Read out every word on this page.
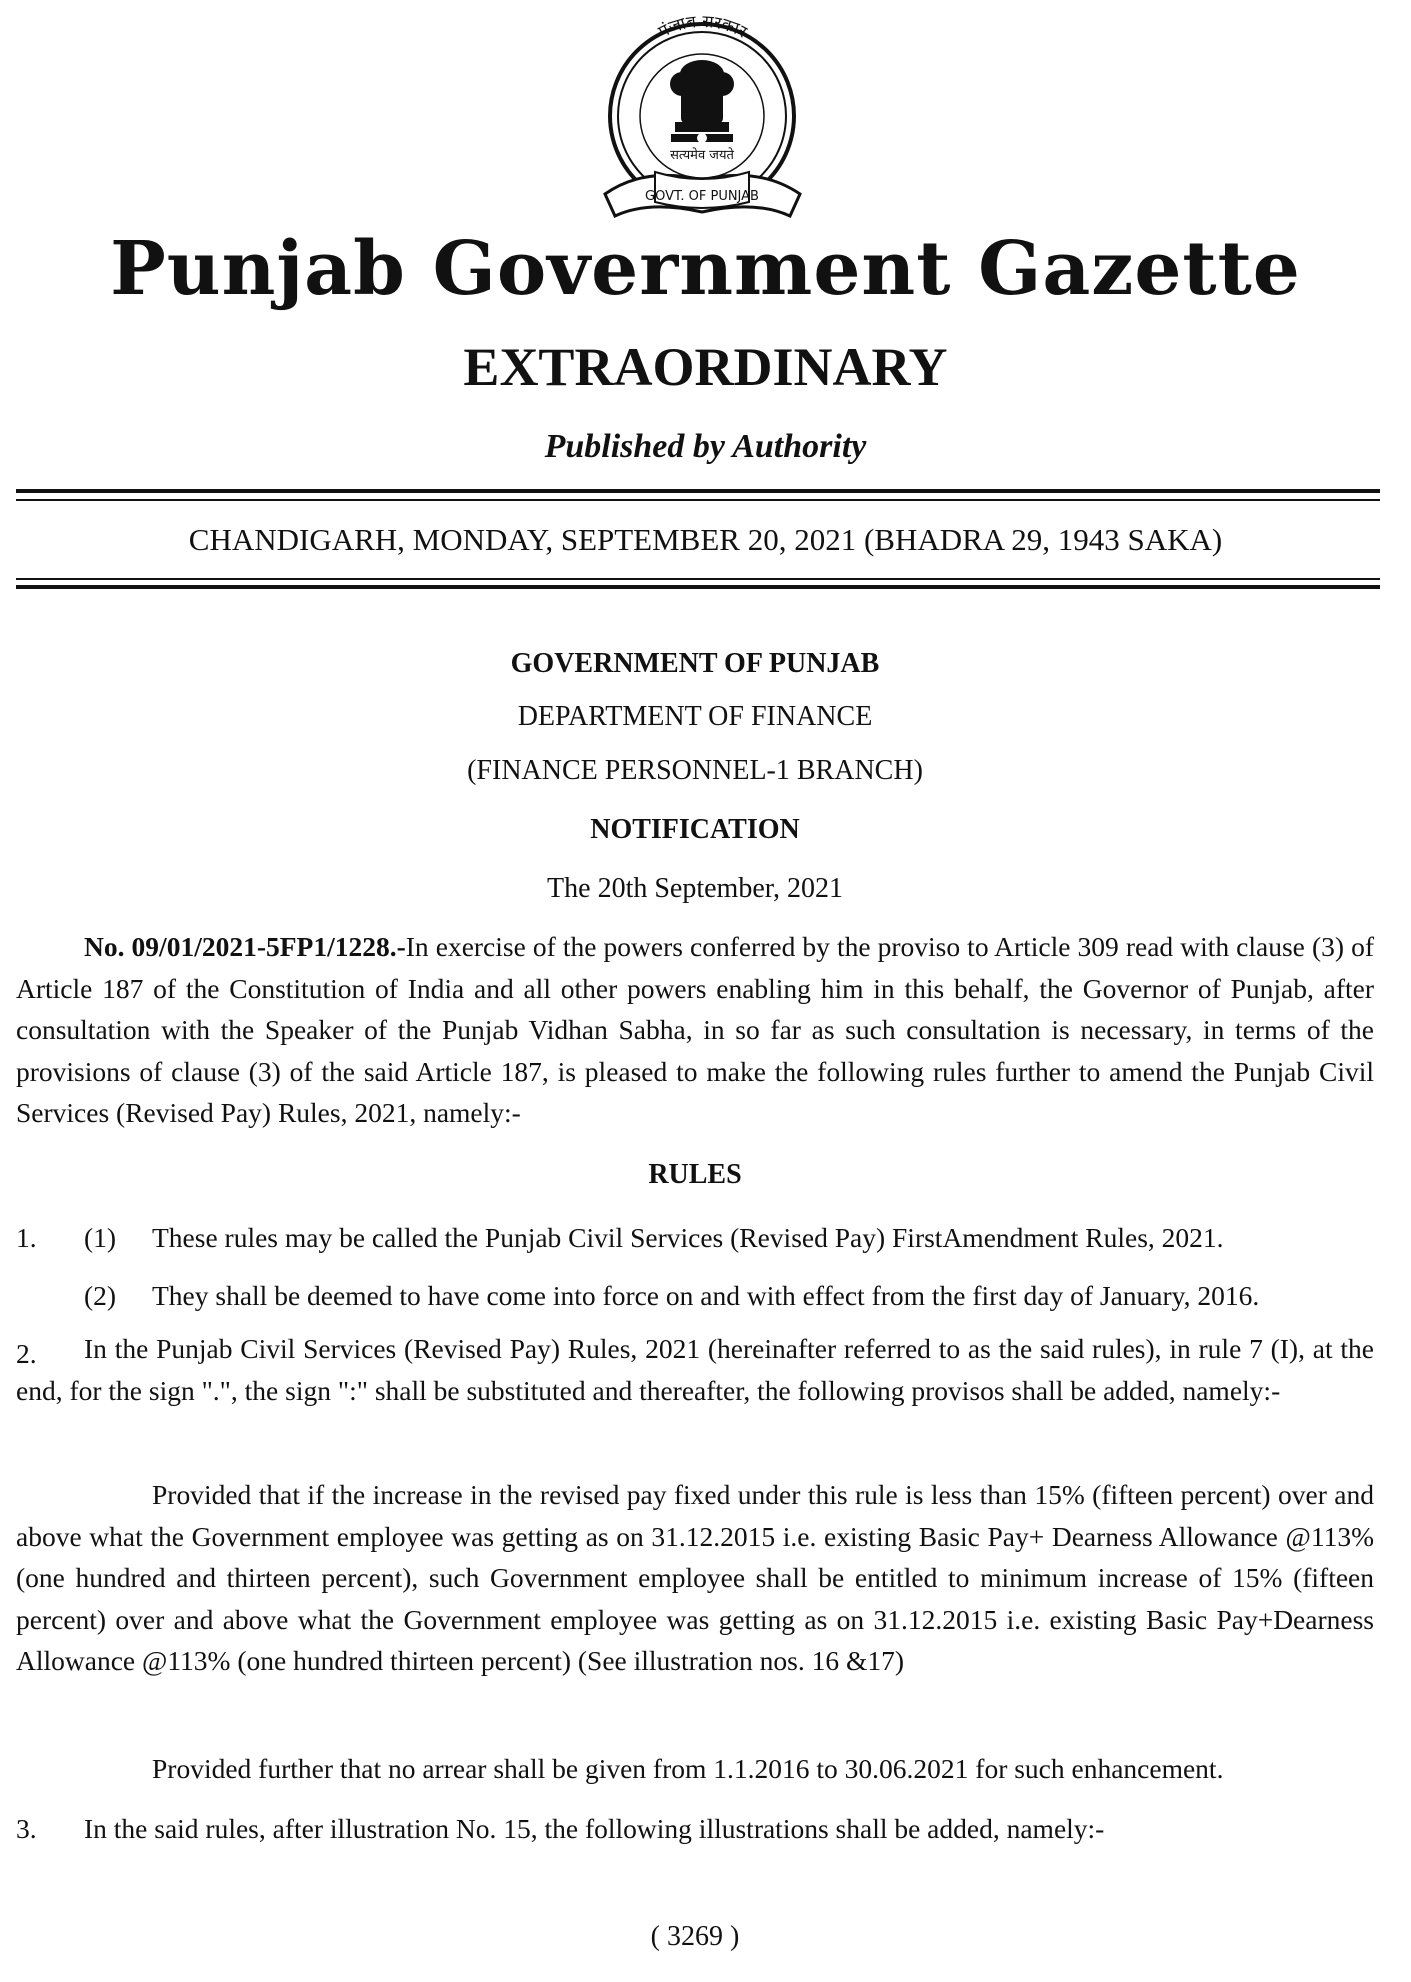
पंजाब सरकार
सत्यमेव जयते
GOVT. OF PUNJAB
Punjab Government Gazette
EXTRAORDINARY
Published by Authority
CHANDIGARH, MONDAY, SEPTEMBER 20, 2021 (BHADRA 29, 1943 SAKA)
GOVERNMENT OF PUNJAB
DEPARTMENT OF FINANCE
(FINANCE PERSONNEL-1 BRANCH)
NOTIFICATION
The 20th September, 2021
No. 09/01/2021-5FP1/1228.-In exercise of the powers conferred by the proviso to Article 309 read with clause (3) of Article 187 of the Constitution of India and all other powers enabling him in this behalf, the Governor of Punjab, after consultation with the Speaker of the Punjab Vidhan Sabha, in so far as such consultation is necessary, in terms of the provisions of clause (3) of the said Article 187, is pleased to make the following rules further to amend the Punjab Civil Services (Revised Pay) Rules, 2021, namely:-
RULES
1. (1) These rules may be called the Punjab Civil Services (Revised Pay) FirstAmendment Rules, 2021.
(2) They shall be deemed to have come into force on and with effect from the first day of January, 2016.
2.	In the Punjab Civil Services (Revised Pay) Rules, 2021 (hereinafter referred to as the said rules), in rule 7 (I), at the end, for the sign ".", the sign ":" shall be substituted and thereafter, the following provisos shall be added, namely:-
Provided that if the increase in the revised pay fixed under this rule is less than 15% (fifteen percent) over and above what the Government employee was getting as on 31.12.2015 i.e. existing Basic Pay+ Dearness Allowance @113% (one hundred and thirteen percent), such Government employee shall be entitled to minimum increase of 15% (fifteen percent) over and above what the Government employee was getting as on 31.12.2015 i.e. existing Basic Pay+Dearness Allowance @113% (one hundred thirteen percent) (See illustration nos. 16 &17)
Provided further that no arrear shall be given from 1.1.2016 to 30.06.2021 for such enhancement.
3. In the said rules, after illustration No. 15, the following illustrations shall be added, namely:-
( 3269 )
